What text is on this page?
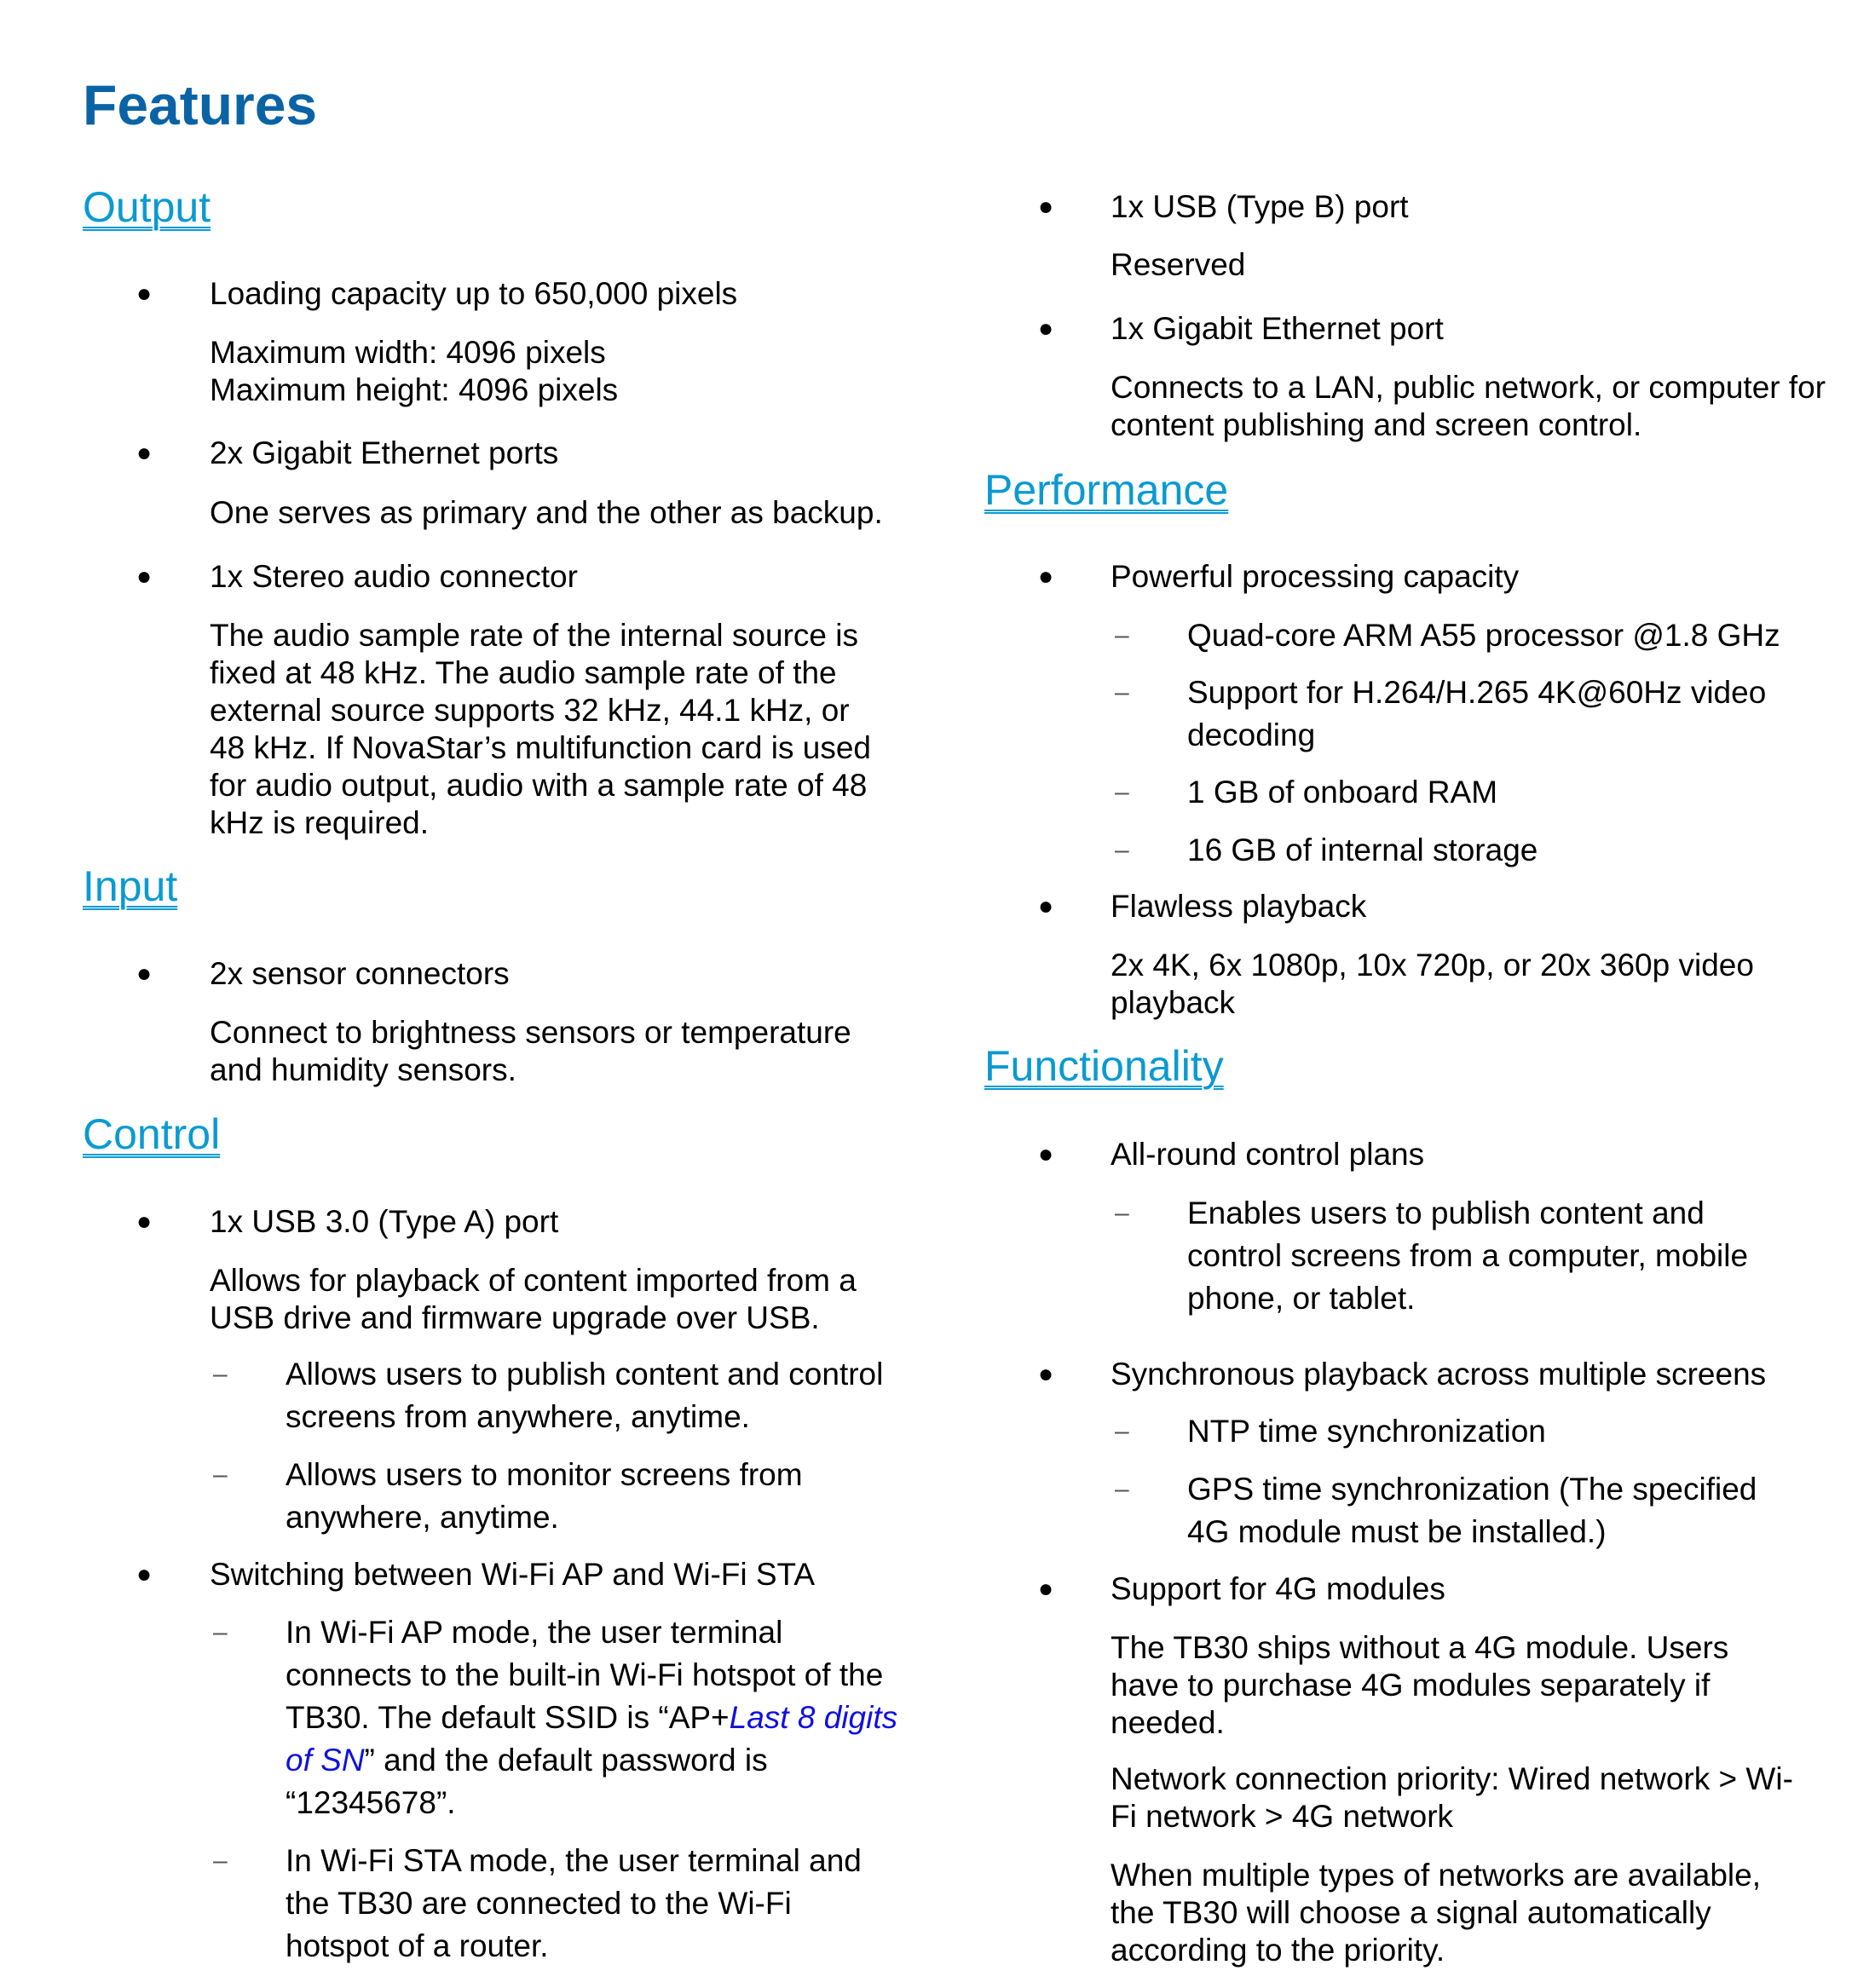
Features
Output
● Loading capacity up to 650,000 pixels
Maximum width: 4096 pixels
Maximum height: 4096 pixels
● 2x Gigabit Ethernet ports
One serves as primary and the other as backup.
● 1x Stereo audio connector
The audio sample rate of the internal source is fixed at 48 kHz. The audio sample rate of the external source supports 32 kHz, 44.1 kHz, or 48 kHz. If NovaStar’s multifunction card is used for audio output, audio with a sample rate of 48 kHz is required.
Input
● 2x sensor connectors
Connect to brightness sensors or temperature and humidity sensors.
Control
● 1x USB 3.0 (Type A) port
Allows for playback of content imported from a USB drive and firmware upgrade over USB.
– Allows users to publish content and control screens from anywhere, anytime.
– Allows users to monitor screens from anywhere, anytime.
● Switching between Wi-Fi AP and Wi-Fi STA
– In Wi-Fi AP mode, the user terminal connects to the built-in Wi-Fi hotspot of the TB30. The default SSID is “AP+Last 8 digits of SN” and the default password is “12345678”.
– In Wi-Fi STA mode, the user terminal and the TB30 are connected to the Wi-Fi hotspot of a router.
● 1x USB (Type B) port
Reserved
● 1x Gigabit Ethernet port
Connects to a LAN, public network, or computer for content publishing and screen control.
Performance
● Powerful processing capacity
– Quad-core ARM A55 processor @1.8 GHz
– Support for H.264/H.265 4K@60Hz video decoding
– 1 GB of onboard RAM
– 16 GB of internal storage
● Flawless playback
2x 4K, 6x 1080p, 10x 720p, or 20x 360p video playback
Functionality
● All-round control plans
– Enables users to publish content and control screens from a computer, mobile phone, or tablet.
● Synchronous playback across multiple screens
– NTP time synchronization
– GPS time synchronization (The specified 4G module must be installed.)
● Support for 4G modules
The TB30 ships without a 4G module. Users have to purchase 4G modules separately if needed.
Network connection priority: Wired network > Wi-Fi network > 4G network
When multiple types of networks are available, the TB30 will choose a signal automatically according to the priority.
